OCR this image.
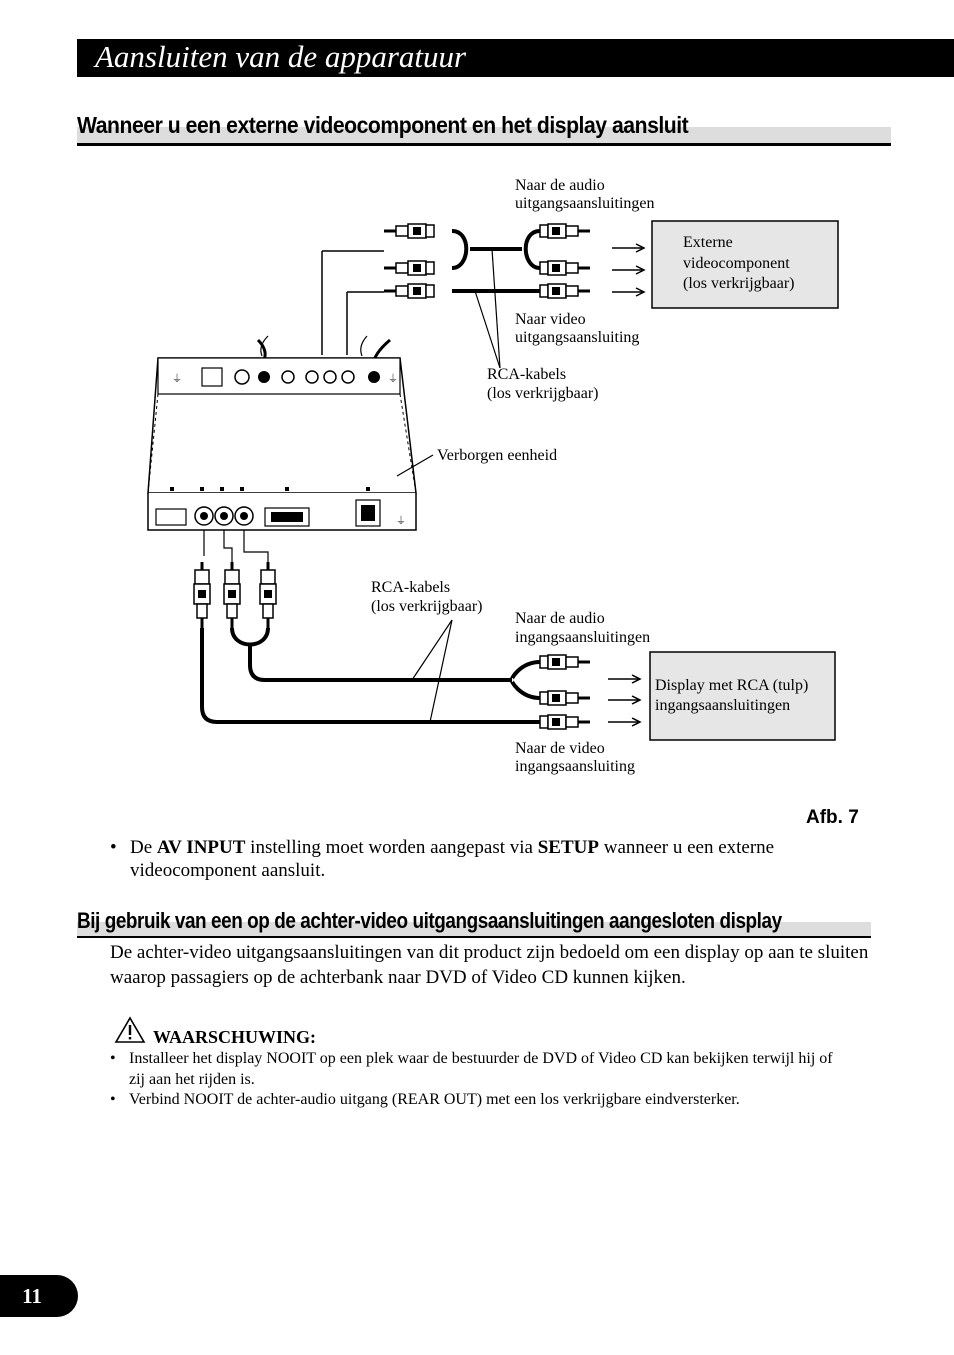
Aansluiten van de apparatuur
Wanneer u een externe videocomponent en het display aansluit
Externe
videocomponent
(los verkrijgbaar)
Naar de audio
uitgangsaansluitingen
Naar video
uitgangsaansluiting
RCA-kabels
(los verkrijgbaar)
⏚	⏚
⏚
Verborgen eenheid
RCA-kabels
(los verkrijgbaar)
Naar de audio
ingangsaansluitingen
Display met RCA (tulp)
ingangsaansluitingen
Naar de video
ingangsaansluiting
Afb. 7
• De AV INPUT instelling moet worden aangepast via SETUP wanneer u een externe videocomponent aansluit.
Bij gebruik van een op de achter-video uitgangsaansluitingen aangesloten display
De achter-video uitgangsaansluitingen van dit product zijn bedoeld om een display op aan te sluiten waarop passagiers op de achterbank naar DVD of Video CD kunnen kijken.
WAARSCHUWING:
• Installeer het display NOOIT op een plek waar de bestuurder de DVD of Video CD kan bekijken terwijl hij of zij aan het rijden is.
• Verbind NOOIT de achter-audio uitgang (REAR OUT) met een los verkrijgbare eindversterker.
11
